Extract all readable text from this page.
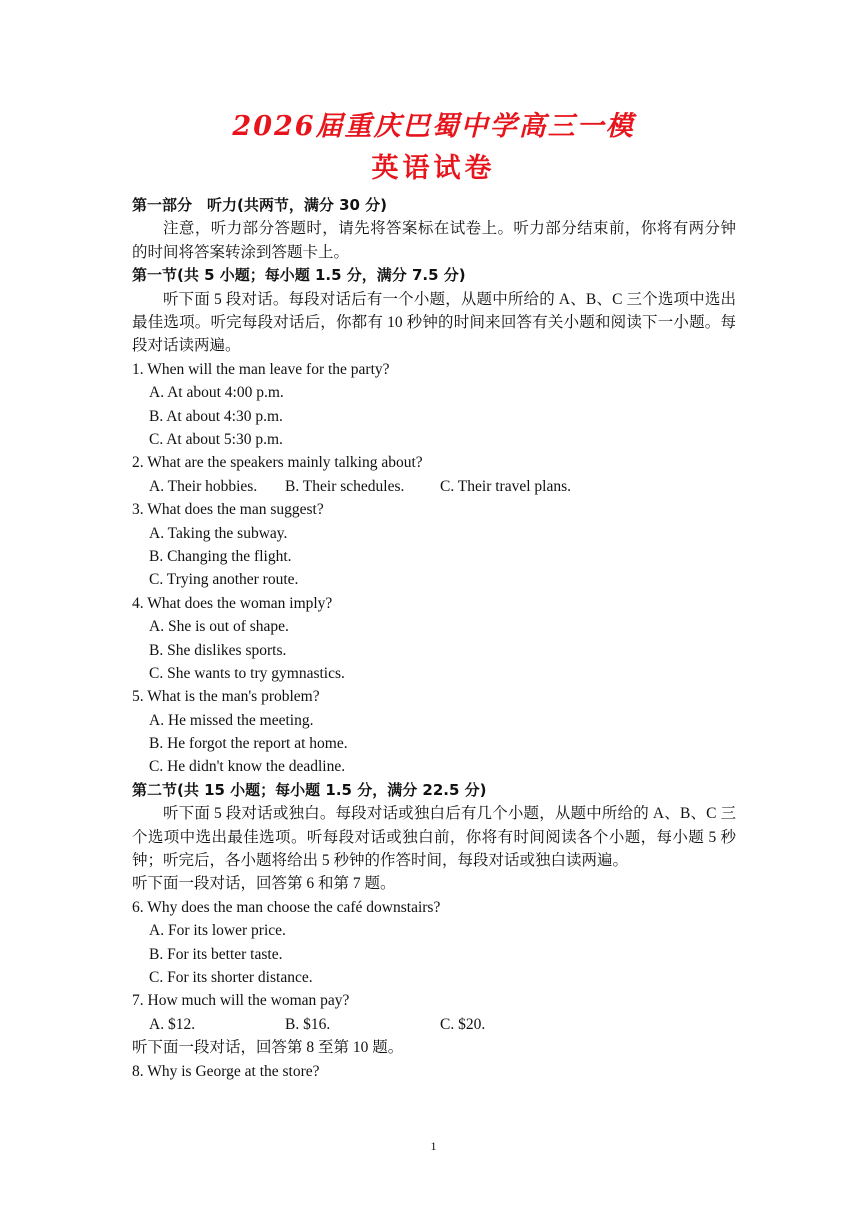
2026届重庆巴蜀中学高三一模
英语试卷
第一部分　听力(共两节，满分 30 分)
注意，听力部分答题时，请先将答案标在试卷上。听力部分结束前，你将有两分钟的时间将答案转涂到答题卡上。
第一节(共 5 小题；每小题 1.5 分，满分 7.5 分)
听下面 5 段对话。每段对话后有一个小题，从题中所给的 A、B、C 三个选项中选出最佳选项。听完每段对话后，你都有 10 秒钟的时间来回答有关小题和阅读下一小题。每段对话读两遍。
1. When will the man leave for the party?
A. At about 4:00 p.m.
B. At about 4:30 p.m.
C. At about 5:30 p.m.
2. What are the speakers mainly talking about?
A. Their hobbies. B. Their schedules. C. Their travel plans.
3. What does the man suggest?
A. Taking the subway.
B. Changing the flight.
C. Trying another route.
4. What does the woman imply?
A. She is out of shape.
B. She dislikes sports.
C. She wants to try gymnastics.
5. What is the man's problem?
A. He missed the meeting.
B. He forgot the report at home.
C. He didn't know the deadline.
第二节(共 15 小题；每小题 1.5 分，满分 22.5 分)
听下面 5 段对话或独白。每段对话或独白后有几个小题，从题中所给的 A、B、C 三个选项中选出最佳选项。听每段对话或独白前，你将有时间阅读各个小题，每小题 5 秒钟；听完后，各小题将给出 5 秒钟的作答时间，每段对话或独白读两遍。
听下面一段对话，回答第 6 和第 7 题。
6. Why does the man choose the café downstairs?
A. For its lower price.
B. For its better taste.
C. For its shorter distance.
7. How much will the woman pay?
A. $12.	B. $16.	C. $20.
听下面一段对话，回答第 8 至第 10 题。
8. Why is George at the store?
1
